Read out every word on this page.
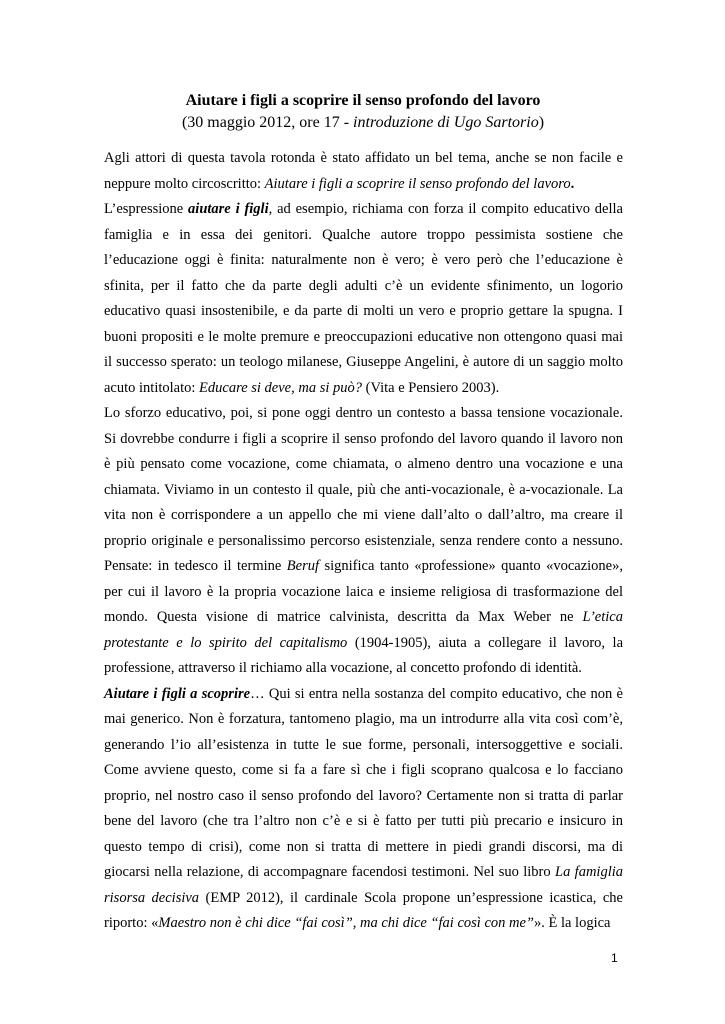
Aiutare i figli a scoprire il senso profondo del lavoro
(30 maggio 2012, ore 17 - introduzione di Ugo Sartorio)

Agli attori di questa tavola rotonda è stato affidato un bel tema, anche se non facile e neppure molto circoscritto: Aiutare i figli a scoprire il senso profondo del lavoro.

L’espressione aiutare i figli, ad esempio, richiama con forza il compito educativo della famiglia e in essa dei genitori. Qualche autore troppo pessimista sostiene che l’educazione oggi è finita: naturalmente non è vero; è vero però che l’educazione è sfinita, per il fatto che da parte degli adulti c’è un evidente sfinimento, un logorio educativo quasi insostenibile, e da parte di molti un vero e proprio gettare la spugna. I buoni propositi e le molte premure e preoccupazioni educative non ottengono quasi mai il successo sperato: un teologo milanese, Giuseppe Angelini, è autore di un saggio molto acuto intitolato: Educare si deve, ma si può? (Vita e Pensiero 2003).

Lo sforzo educativo, poi, si pone oggi dentro un contesto a bassa tensione vocazionale. Si dovrebbe condurre i figli a scoprire il senso profondo del lavoro quando il lavoro non è più pensato come vocazione, come chiamata, o almeno dentro una vocazione e una chiamata. Viviamo in un contesto il quale, più che anti-vocazionale, è a-vocazionale. La vita non è corrispondere a un appello che mi viene dall’alto o dall’altro, ma creare il proprio originale e personalissimo percorso esistenziale, senza rendere conto a nessuno. Pensate: in tedesco il termine Beruf significa tanto «professione» quanto «vocazione», per cui il lavoro è la propria vocazione laica e insieme religiosa di trasformazione del mondo. Questa visione di matrice calvinista, descritta da Max Weber ne L’etica protestante e lo spirito del capitalismo (1904-1905), aiuta a collegare il lavoro, la professione, attraverso il richiamo alla vocazione, al concetto profondo di identità.

Aiutare i figli a scoprire… Qui si entra nella sostanza del compito educativo, che non è mai generico. Non è forzatura, tantomeno plagio, ma un introdurre alla vita così com’è, generando l’io all’esistenza in tutte le sue forme, personali, intersoggettive e sociali. Come avviene questo, come si fa a fare sì che i figli scoprano qualcosa e lo facciano proprio, nel nostro caso il senso profondo del lavoro? Certamente non si tratta di parlar bene del lavoro (che tra l’altro non c’è e si è fatto per tutti più precario e insicuro in questo tempo di crisi), come non si tratta di mettere in piedi grandi discorsi, ma di giocarsi nella relazione, di accompagnare facendosi testimoni. Nel suo libro La famiglia risorsa decisiva (EMP 2012), il cardinale Scola propone un’espressione icastica, che riporto: «Maestro non è chi dice “fai così”, ma chi dice “fai così con me”». È la logica

1
